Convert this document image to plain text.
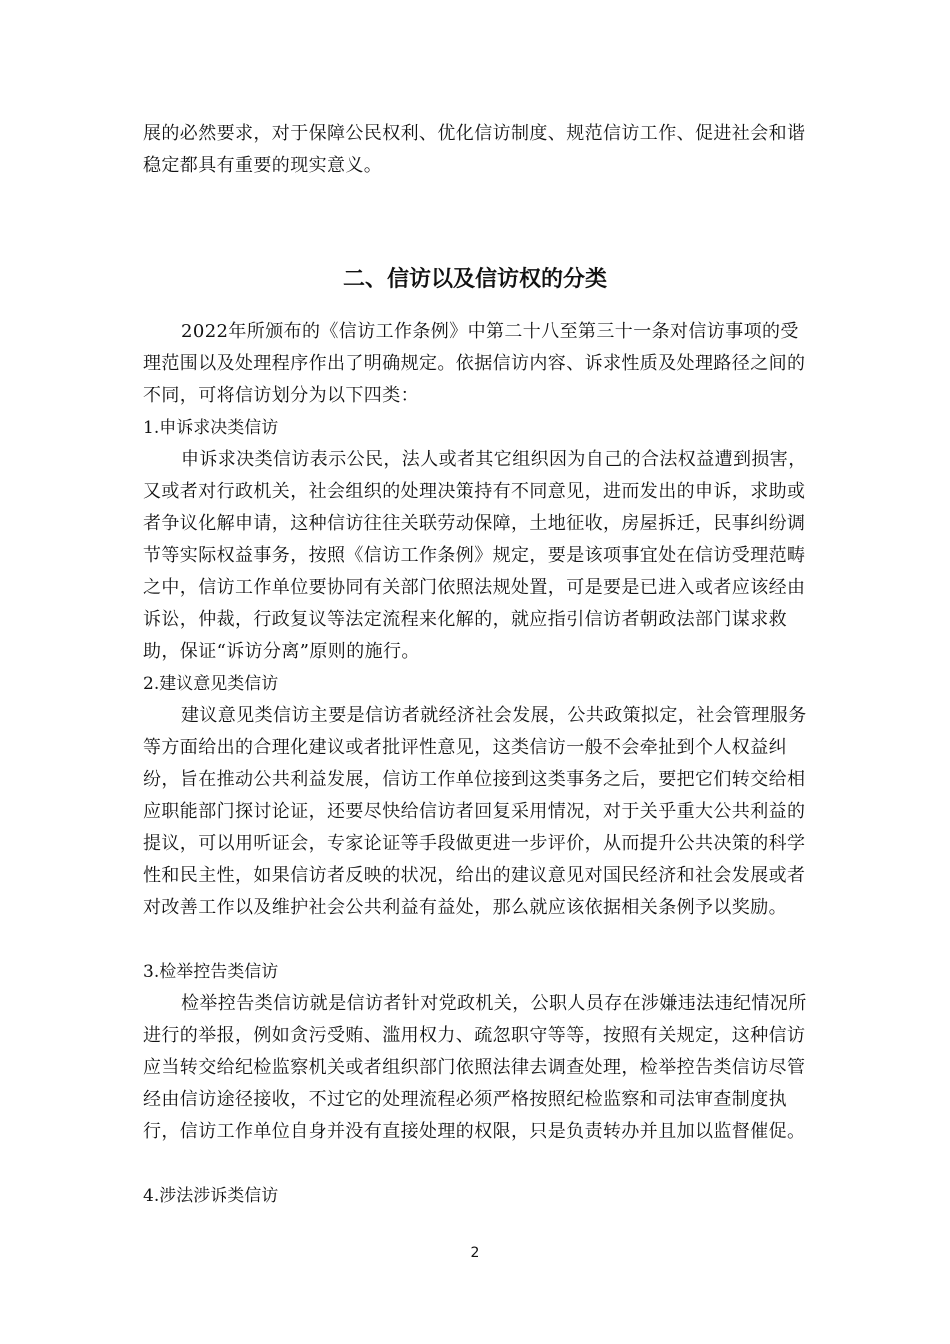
展的必然要求，对于保障公民权利、优化信访制度、规范信访工作、促进社会和谐稳定都具有重要的现实意义。

二、信访以及信访权的分类

2022年所颁布的《信访工作条例》中第二十八至第三十一条对信访事项的受理范围以及处理程序作出了明确规定。依据信访内容、诉求性质及处理路径之间的不同，可将信访划分为以下四类：

1.申诉求决类信访

申诉求决类信访表示公民，法人或者其它组织因为自己的合法权益遭到损害，又或者对行政机关，社会组织的处理决策持有不同意见，进而发出的申诉，求助或者争议化解申请，这种信访往往关联劳动保障，土地征收，房屋拆迁，民事纠纷调节等实际权益事务，按照《信访工作条例》规定，要是该项事宜处在信访受理范畴之中，信访工作单位要协同有关部门依照法规处置，可是要是已进入或者应该经由诉讼，仲裁，行政复议等法定流程来化解的，就应指引信访者朝政法部门谋求救助，保证“诉访分离”原则的施行。

2.建议意见类信访

建议意见类信访主要是信访者就经济社会发展，公共政策拟定，社会管理服务等方面给出的合理化建议或者批评性意见，这类信访一般不会牵扯到个人权益纠纷，旨在推动公共利益发展，信访工作单位接到这类事务之后，要把它们转交给相应职能部门探讨论证，还要尽快给信访者回复采用情况，对于关乎重大公共利益的提议，可以用听证会，专家论证等手段做更进一步评价，从而提升公共决策的科学性和民主性，如果信访者反映的状况，给出的建议意见对国民经济和社会发展或者对改善工作以及维护社会公共利益有益处，那么就应该依据相关条例予以奖励。

3.检举控告类信访

检举控告类信访就是信访者针对党政机关，公职人员存在涉嫌违法违纪情况所进行的举报，例如贪污受贿、滥用权力、疏忽职守等等，按照有关规定，这种信访应当转交给纪检监察机关或者组织部门依照法律去调查处理，检举控告类信访尽管经由信访途径接收，不过它的处理流程必须严格按照纪检监察和司法审查制度执行，信访工作单位自身并没有直接处理的权限，只是负责转办并且加以监督催促。

4.涉法涉诉类信访

2
